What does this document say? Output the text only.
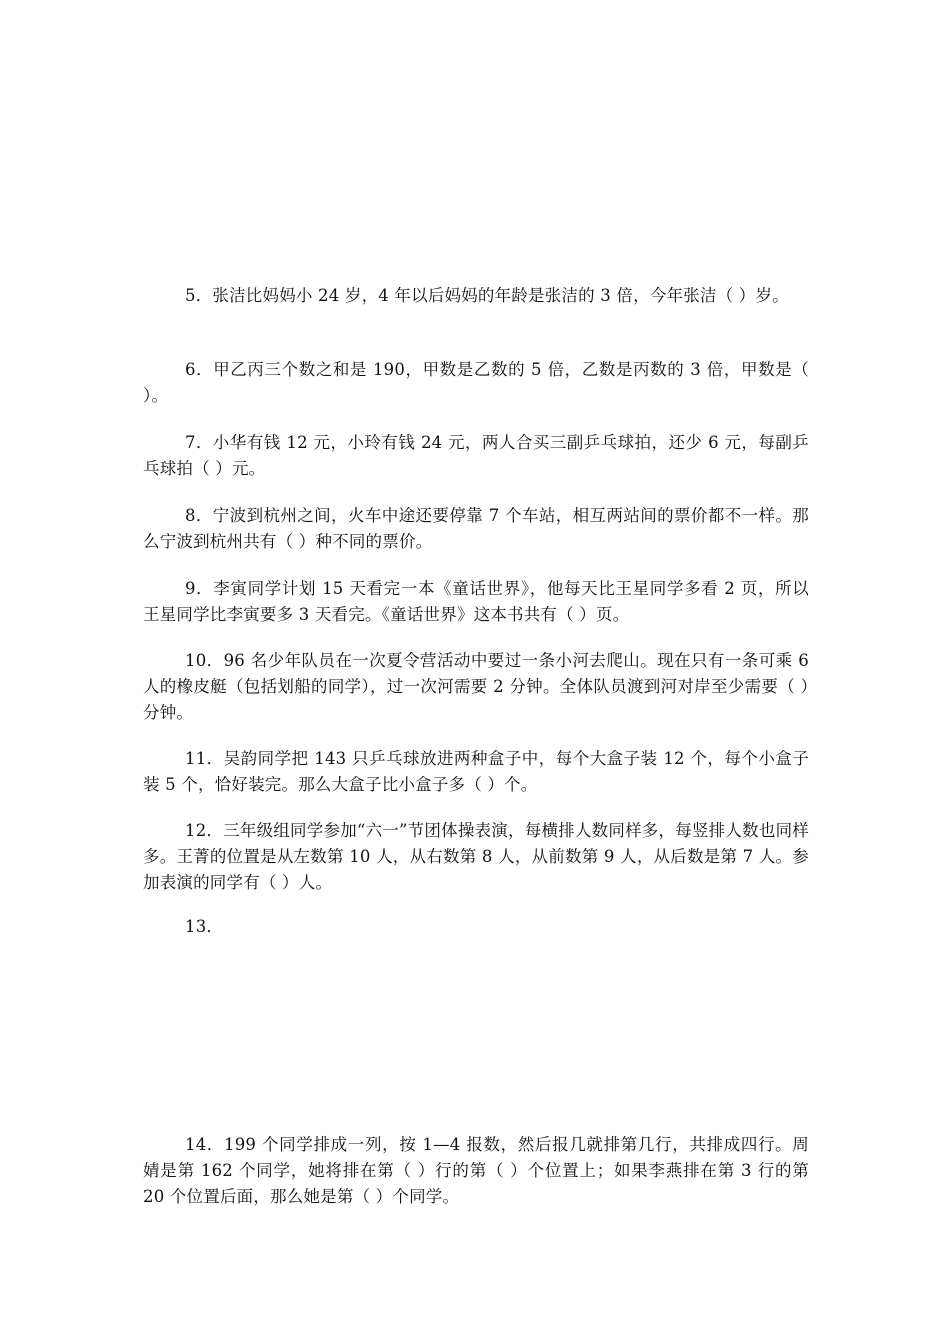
5．张洁比妈妈小 24 岁，4 年以后妈妈的年龄是张洁的 3 倍，今年张洁（ ）岁。

6．甲乙丙三个数之和是 190，甲数是乙数的 5 倍，乙数是丙数的 3 倍，甲数是（ ）。

7．小华有钱 12 元，小玲有钱 24 元，两人合买三副乒乓球拍，还少 6 元，每副乒乓球拍（ ）元。

8．宁波到杭州之间，火车中途还要停靠 7 个车站，相互两站间的票价都不一样。那么宁波到杭州共有（ ）种不同的票价。

9．李寅同学计划 15 天看完一本《童话世界》，他每天比王星同学多看 2 页，所以王星同学比李寅要多 3 天看完。《童话世界》这本书共有（ ）页。

10．96 名少年队员在一次夏令营活动中要过一条小河去爬山。现在只有一条可乘 6 人的橡皮艇（包括划船的同学），过一次河需要 2 分钟。全体队员渡到河对岸至少需要（ ）分钟。

11．吴韵同学把 143 只乒乓球放进两种盒子中，每个大盒子装 12 个，每个小盒子装 5 个，恰好装完。那么大盒子比小盒子多（ ）个。

12．三年级组同学参加“六一”节团体操表演，每横排人数同样多，每竖排人数也同样多。王菁的位置是从左数第 10 人，从右数第 8 人，从前数第 9 人，从后数是第 7 人。参加表演的同学有（ ）人。

13．

14．199 个同学排成一列，按 1—4 报数，然后报几就排第几行，共排成四行。周婧是第 162 个同学，她将排在第（ ）行的第（ ）个位置上；如果李燕排在第 3 行的第 20 个位置后面，那么她是第（ ）个同学。
